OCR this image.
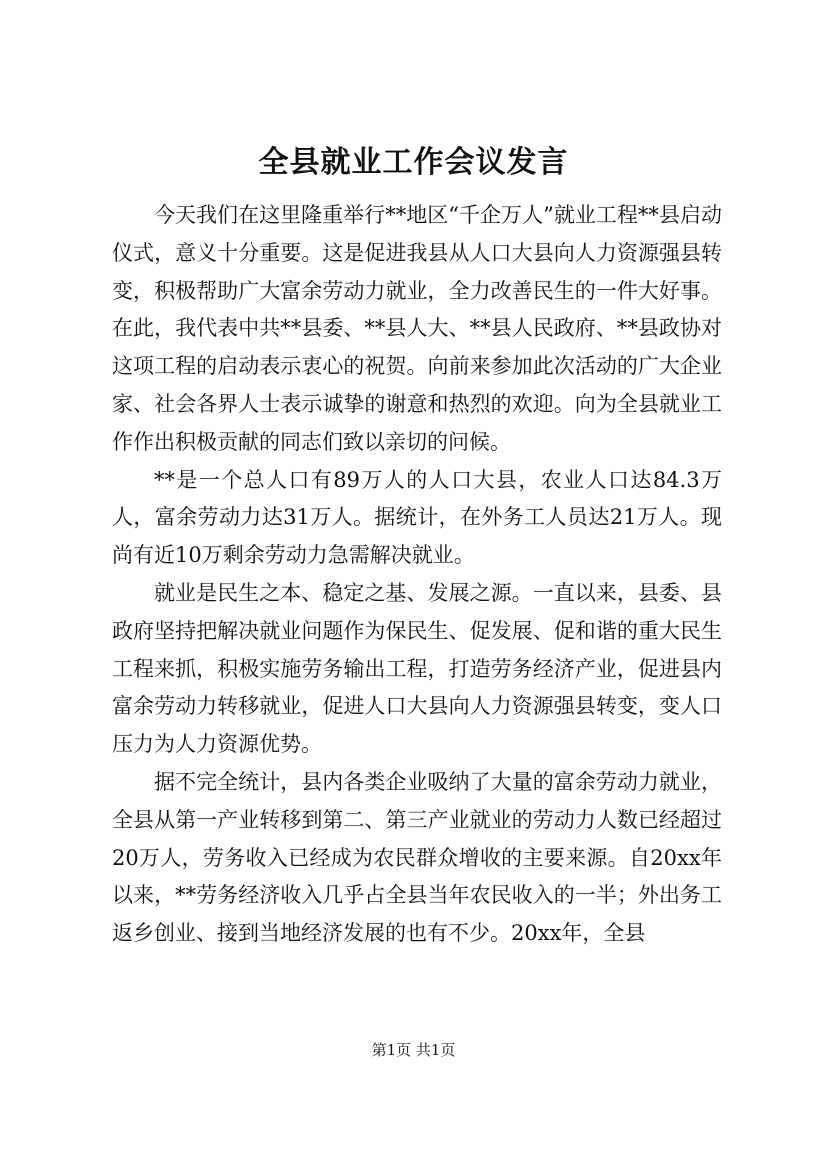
全县就业工作会议发言

今天我们在这里隆重举行**地区“千企万人”就业工程**县启动仪式，意义十分重要。这是促进我县从人口大县向人力资源强县转变，积极帮助广大富余劳动力就业，全力改善民生的一件大好事。在此，我代表中共**县委、**县人大、**县人民政府、**县政协对这项工程的启动表示衷心的祝贺。向前来参加此次活动的广大企业家、社会各界人士表示诚挚的谢意和热烈的欢迎。向为全县就业工作作出积极贡献的同志们致以亲切的问候。

**是一个总人口有89万人的人口大县，农业人口达84.3万人，富余劳动力达31万人。据统计，在外务工人员达21万人。现尚有近10万剩余劳动力急需解决就业。

就业是民生之本、稳定之基、发展之源。一直以来，县委、县政府坚持把解决就业问题作为保民生、促发展、促和谐的重大民生工程来抓，积极实施劳务输出工程，打造劳务经济产业，促进县内富余劳动力转移就业，促进人口大县向人力资源强县转变，变人口压力为人力资源优势。

据不完全统计，县内各类企业吸纳了大量的富余劳动力就业，全县从第一产业转移到第二、第三产业就业的劳动力人数已经超过20万人，劳务收入已经成为农民群众增收的主要来源。自20xx年以来，**劳务经济收入几乎占全县当年农民收入的一半；外出务工返乡创业、接到当地经济发展的也有不少。20xx年，全县

第1页 共1页
